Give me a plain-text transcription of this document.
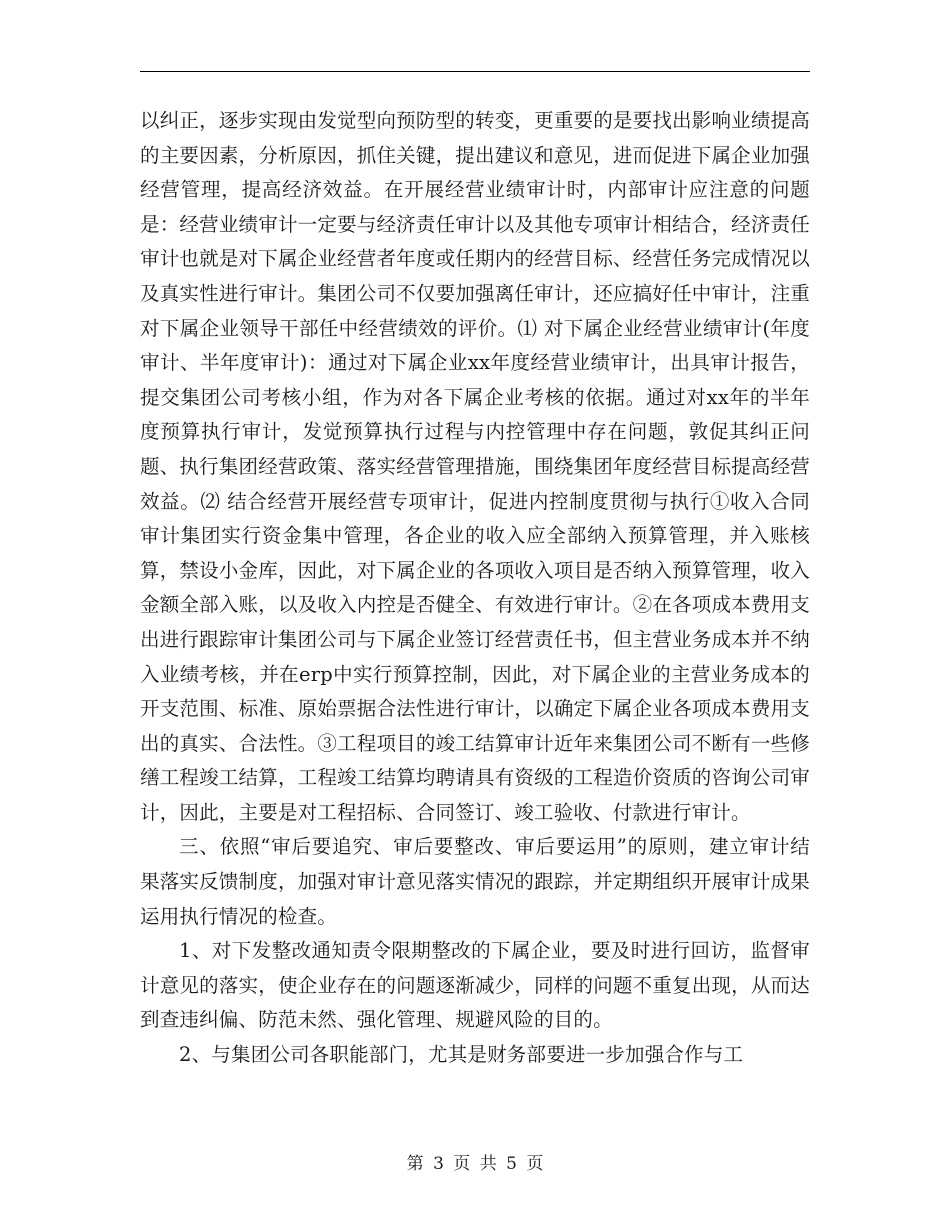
以纠正，逐步实现由发觉型向预防型的转变，更重要的是要找出影响业绩提高的主要因素，分析原因，抓住关键，提出建议和意见，进而促进下属企业加强经营管理，提高经济效益。在开展经营业绩审计时，内部审计应注意的问题是：经营业绩审计一定要与经济责任审计以及其他专项审计相结合，经济责任审计也就是对下属企业经营者年度或任期内的经营目标、经营任务完成情况以及真实性进行审计。集团公司不仅要加强离任审计，还应搞好任中审计，注重对下属企业领导干部任中经营绩效的评价。⑴ 对下属企业经营业绩审计(年度审计、半年度审计)：通过对下属企业xx年度经营业绩审计，出具审计报告，提交集团公司考核小组，作为对各下属企业考核的依据。通过对xx年的半年度预算执行审计，发觉预算执行过程与内控管理中存在问题，敦促其纠正问题、执行集团经营政策、落实经营管理措施，围绕集团年度经营目标提高经营效益。⑵ 结合经营开展经营专项审计，促进内控制度贯彻与执行①收入合同审计集团实行资金集中管理，各企业的收入应全部纳入预算管理，并入账核算，禁设小金库，因此，对下属企业的各项收入项目是否纳入预算管理，收入金额全部入账，以及收入内控是否健全、有效进行审计。②在各项成本费用支出进行跟踪审计集团公司与下属企业签订经营责任书，但主营业务成本并不纳入业绩考核，并在erp中实行预算控制，因此，对下属企业的主营业务成本的开支范围、标准、原始票据合法性进行审计，以确定下属企业各项成本费用支出的真实、合法性。③工程项目的竣工结算审计近年来集团公司不断有一些修缮工程竣工结算，工程竣工结算均聘请具有资级的工程造价资质的咨询公司审计，因此，主要是对工程招标、合同签订、竣工验收、付款进行审计。

三、依照“审后要追究、审后要整改、审后要运用”的原则，建立审计结果落实反馈制度，加强对审计意见落实情况的跟踪，并定期组织开展审计成果运用执行情况的检查。

1、对下发整改通知责令限期整改的下属企业，要及时进行回访，监督审计意见的落实，使企业存在的问题逐渐减少，同样的问题不重复出现，从而达到查违纠偏、防范未然、强化管理、规避风险的目的。

2、与集团公司各职能部门，尤其是财务部要进一步加强合作与工

第 3 页 共 5 页
